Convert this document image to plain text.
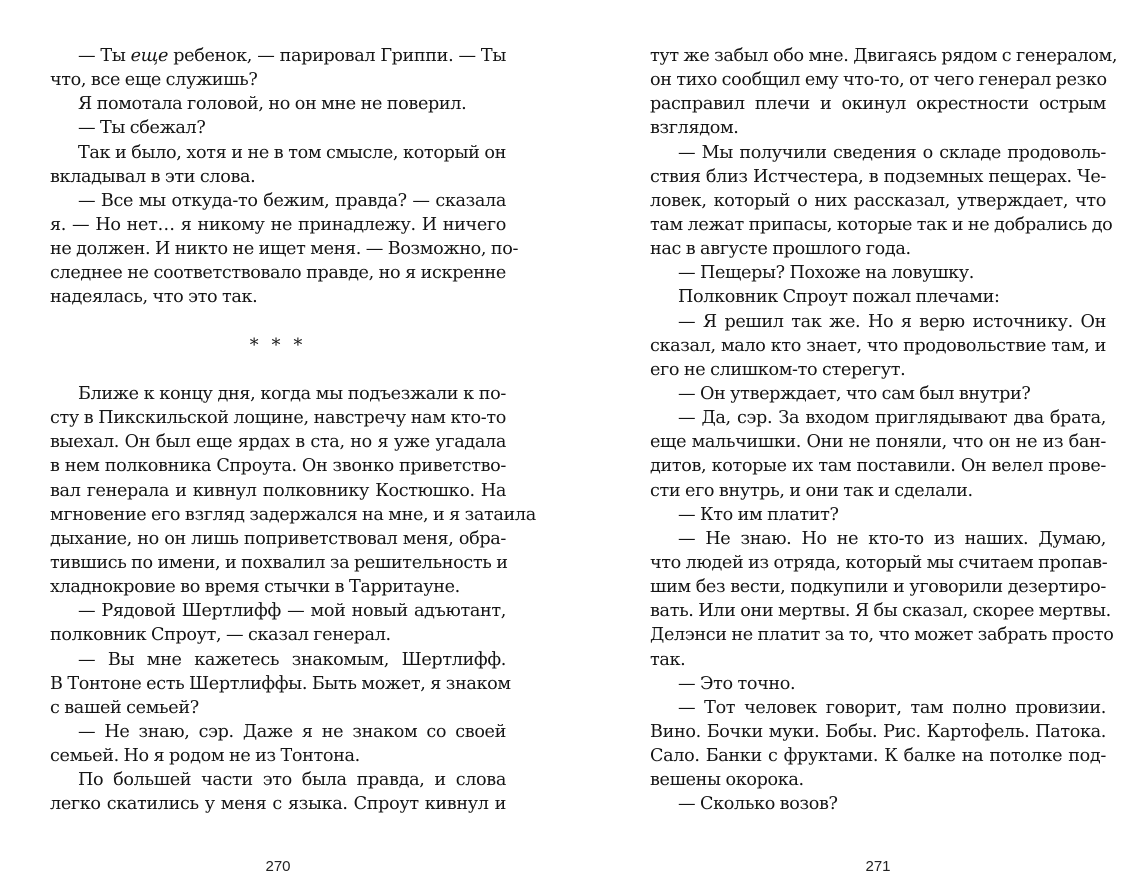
— Ты еще ребенок, — парировал Гриппи. — Ты
что, все еще служишь?
Я помотала головой, но он мне не поверил.
— Ты сбежал?
Так и было, хотя и не в том смысле, который он
вкладывал в эти слова.
— Все мы откуда-то бежим, правда? — сказала
я. — Но нет… я никому не принадлежу. И ничего
не должен. И никто не ищет меня. — Возможно, по-
следнее не соответствовало правде, но я искренне
надеялась, что это так.
* * *
Ближе к концу дня, когда мы подъезжали к по-
сту в Пикскильской лощине, навстречу нам кто-то
выехал. Он был еще ярдах в ста, но я уже угадала
в нем полковника Спроута. Он звонко приветство-
вал генерала и кивнул полковнику Костюшко. На
мгновение его взгляд задержался на мне, и я затаила
дыхание, но он лишь поприветствовал меня, обра-
тившись по имени, и похвалил за решительность и
хладнокровие во время стычки в Тарритауне.
— Рядовой Шертлифф — мой новый адъютант,
полковник Спроут, — сказал генерал.
— Вы мне кажетесь знакомым, Шертлифф.
В Тонтоне есть Шертлиффы. Быть может, я знаком
с вашей семьей?
— Не знаю, сэр. Даже я не знаком со своей
семьей. Но я родом не из Тонтона.
По большей части это была правда, и слова
легко скатились у меня с языка. Спроут кивнул и
270
тут же забыл обо мне. Двигаясь рядом с генералом,
он тихо сообщил ему что-то, от чего генерал резко
расправил плечи и окинул окрестности острым
взглядом.
— Мы получили сведения о складе продоволь-
ствия близ Истчестера, в подземных пещерах. Че-
ловек, который о них рассказал, утверждает, что
там лежат припасы, которые так и не добрались до
нас в августе прошлого года.
— Пещеры? Похоже на ловушку.
Полковник Спроут пожал плечами:
— Я решил так же. Но я верю источнику. Он
сказал, мало кто знает, что продовольствие там, и
его не слишком-то стерегут.
— Он утверждает, что сам был внутри?
— Да, сэр. За входом приглядывают два брата,
еще мальчишки. Они не поняли, что он не из бан-
дитов, которые их там поставили. Он велел прове-
сти его внутрь, и они так и сделали.
— Кто им платит?
— Не знаю. Но не кто-то из наших. Думаю,
что людей из отряда, который мы считаем пропав-
шим без вести, подкупили и уговорили дезертиро-
вать. Или они мертвы. Я бы сказал, скорее мертвы.
Делэнси не платит за то, что может забрать просто
так.
— Это точно.
— Тот человек говорит, там полно провизии.
Вино. Бочки муки. Бобы. Рис. Картофель. Патока.
Сало. Банки с фруктами. К балке на потолке под-
вешены окорока.
— Сколько возов?
271
